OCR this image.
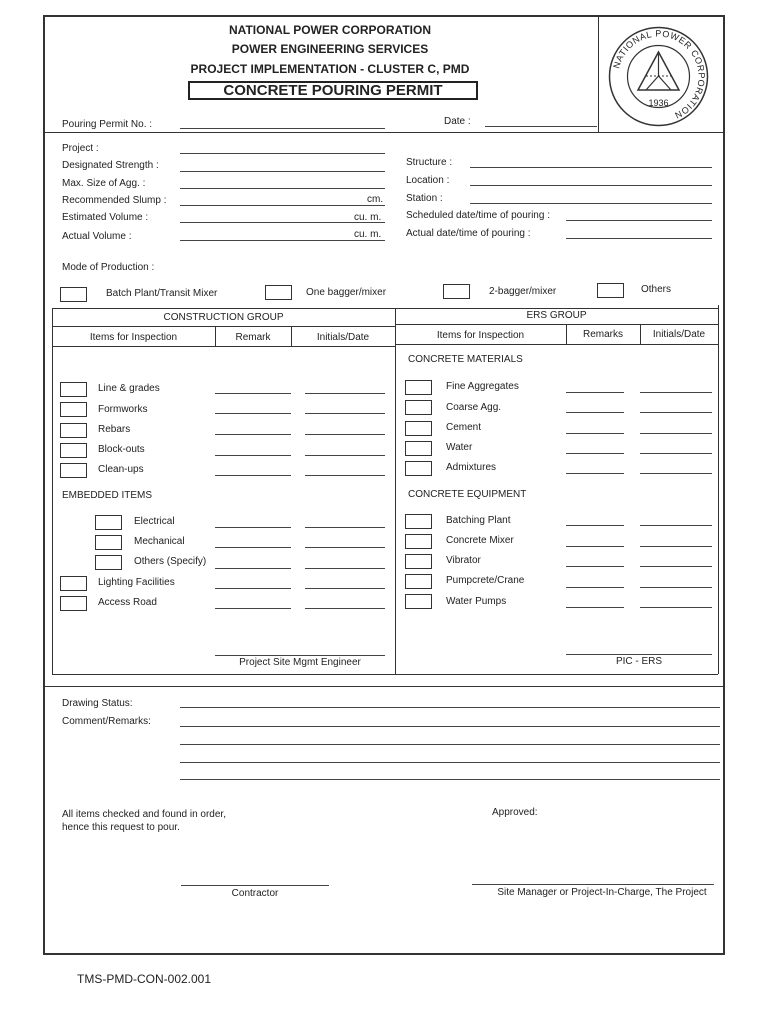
NATIONAL POWER CORPORATION
POWER ENGINEERING SERVICES
PROJECT IMPLEMENTATION - CLUSTER C, PMD
CONCRETE POURING PERMIT
NATIONAL POWER CORPORATION
1936
Pouring Permit No. :	Date :
Project :
Designated Strength :
Max. Size of Agg. :
Recommended Slump :	cm.
Estimated Volume :	cu. m.
Actual Volume :	cu. m.
Structure :
Location :
Station :
Scheduled date/time of pouring :
Actual date/time of pouring :
Mode of Production :
Batch Plant/Transit Mixer	One bagger/mixer	2-bagger/mixer	Others
CONSTRUCTION GROUP
Items for Inspection	Remark	Initials/Date
Line & grades
Formworks
Rebars
Block-outs
Clean-ups
EMBEDDED ITEMS
Electrical
Mechanical
Others (Specify)
Lighting Facilities
Access Road
Project Site Mgmt Engineer
ERS GROUP
Items for Inspection	Remarks	Initials/Date
CONCRETE MATERIALS
Fine Aggregates
Coarse Agg.
Cement
Water
Admixtures
CONCRETE EQUIPMENT
Batching Plant
Concrete Mixer
Vibrator
Pumpcrete/Crane
Water Pumps
PIC - ERS
Drawing Status:
Comment/Remarks:
All items checked and found in order,
hence this request to pour.
Approved:
Contractor	Site Manager or Project-In-Charge, The Project
TMS-PMD-CON-002.001
